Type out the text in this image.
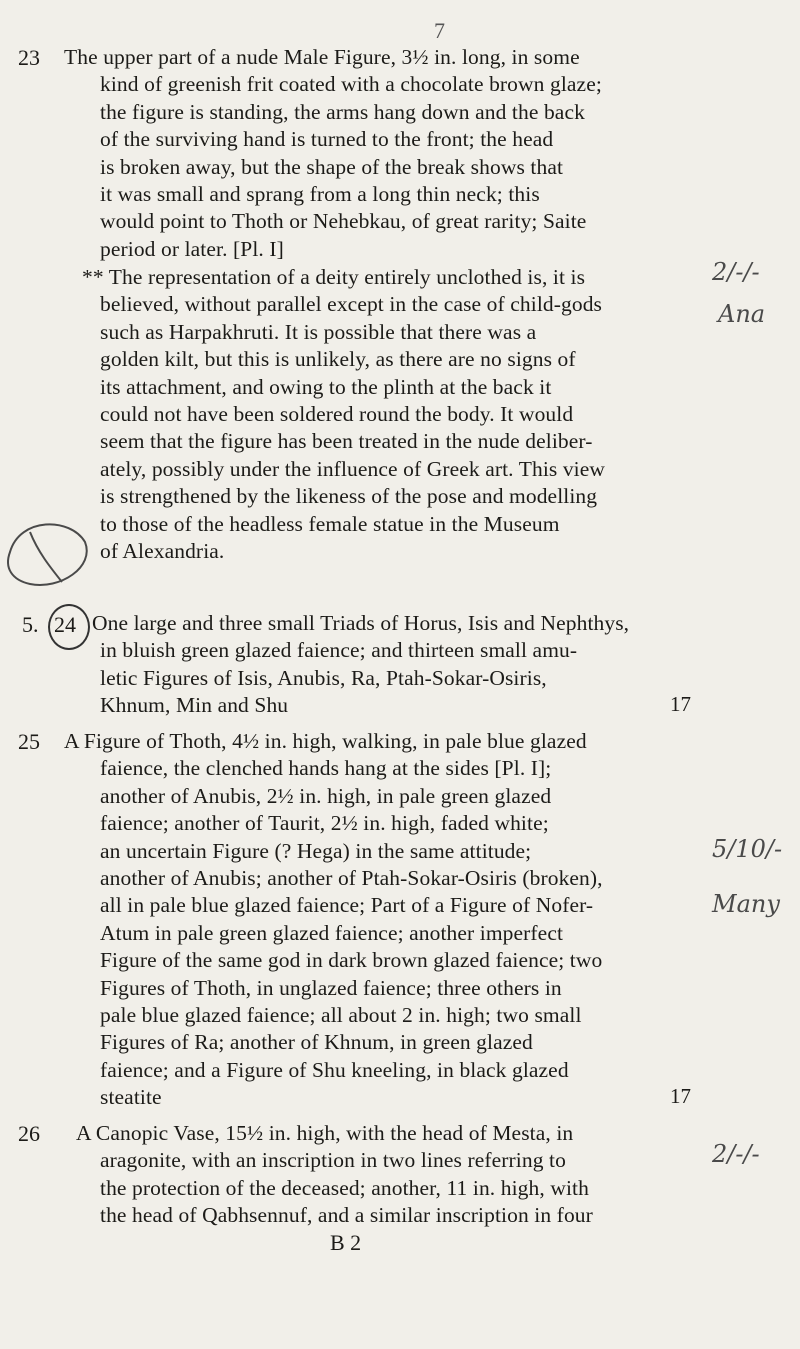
7
23	The upper part of a nude Male Figure, 3½ in. long, in some
kind of greenish frit coated with a chocolate brown glaze;
the figure is standing, the arms hang down and the back
of the surviving hand is turned to the front; the head
is broken away, but the shape of the break shows that
it was small and sprang from a long thin neck; this
would point to Thoth or Nehebkau, of great rarity; Saite
period or later. [Pl. I]
** The representation of a deity entirely unclothed is, it is
believed, without parallel except in the case of child-gods
such as Harpakhruti. It is possible that there was a
golden kilt, but this is unlikely, as there are no signs of
its attachment, and owing to the plinth at the back it
could not have been soldered round the body. It would
seem that the figure has been treated in the nude deliber-
ately, possibly under the influence of Greek art. This view
is strengthened by the likeness of the pose and modelling
to those of the headless female statue in the Museum
of Alexandria.
5. 24 One large and three small Triads of Horus, Isis and Nephthys,
in bluish green glazed faience; and thirteen small amu-
letic Figures of Isis, Anubis, Ra, Ptah-Sokar-Osiris,
Khnum, Min and Shu	17
25	A Figure of Thoth, 4½ in. high, walking, in pale blue glazed
faience, the clenched hands hang at the sides [Pl. I];
another of Anubis, 2½ in. high, in pale green glazed
faience; another of Taurit, 2½ in. high, faded white;
an uncertain Figure (? Hega) in the same attitude;
another of Anubis; another of Ptah-Sokar-Osiris (broken),
all in pale blue glazed faience; Part of a Figure of Nofer-
Atum in pale green glazed faience; another imperfect
Figure of the same god in dark brown glazed faience; two
Figures of Thoth, in unglazed faience; three others in
pale blue glazed faience; all about 2 in. high; two small
Figures of Ra; another of Khnum, in green glazed
faience; and a Figure of Shu kneeling, in black glazed
steatite	17
26	A Canopic Vase, 15½ in. high, with the head of Mesta, in
aragonite, with an inscription in two lines referring to
the protection of the deceased; another, 11 in. high, with
the head of Qabhsennuf, and a similar inscription in four
B 2
2/-/-
Ana
5/10/-
Many
2/-/-
